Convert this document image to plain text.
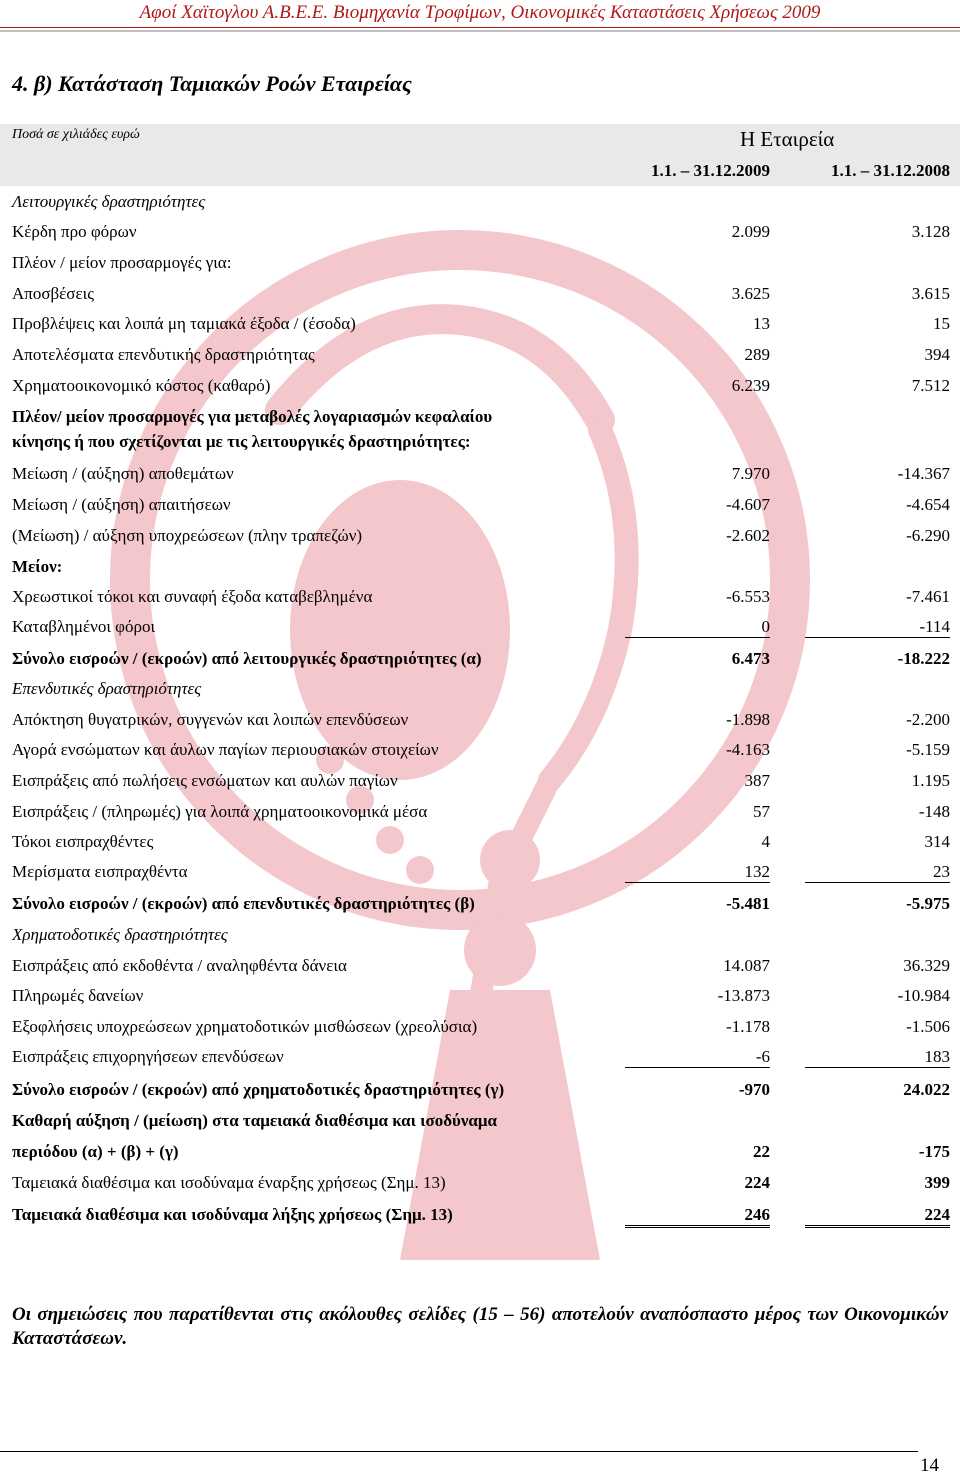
Αφοί Χαϊτογλου Α.Β.Ε.Ε. Βιομηχανία Τροφίμων, Οικονομικές Καταστάσεις Χρήσεως 2009
4. β) Κατάσταση Ταμιακών Ροών Εταιρείας
Ποσά σε χιλιάδες ευρώ	Η Εταιρεία
1.1. – 31.12.2009	1.1. – 31.12.2008
Λειτουργικές δραστηριότητες
Κέρδη προ φόρων	2.099	3.128
Πλέον / μείον προσαρμογές για:
Αποσβέσεις	3.625	3.615
Προβλέψεις και λοιπά μη ταμιακά έξοδα / (έσοδα)	13	15
Αποτελέσματα επενδυτικής δραστηριότητας	289	394
Χρηματοοικονομικό κόστος (καθαρό)	6.239	7.512
Πλέον/ μείον προσαρμογές για μεταβολές λογαριασμών κεφαλαίου
κίνησης ή που σχετίζονται με τις λειτουργικές δραστηριότητες:
Μείωση / (αύξηση) αποθεμάτων	7.970	-14.367
Μείωση / (αύξηση) απαιτήσεων	-4.607	-4.654
(Μείωση) / αύξηση υποχρεώσεων (πλην τραπεζών)	-2.602	-6.290
Μείον:
Χρεωστικοί τόκοι και συναφή έξοδα καταβεβλημένα	-6.553	-7.461
Καταβλημένοι φόροι	0	-114
Σύνολο εισροών / (εκροών) από λειτουργικές δραστηριότητες (α)	6.473	-18.222
Επενδυτικές δραστηριότητες
Απόκτηση θυγατρικών, συγγενών και λοιπών επενδύσεων	-1.898	-2.200
Αγορά ενσώματων και άυλων παγίων περιουσιακών στοιχείων	-4.163	-5.159
Εισπράξεις από πωλήσεις ενσώματων και αυλών παγίων	387	1.195
Εισπράξεις / (πληρωμές) για λοιπά χρηματοοικονομικά μέσα	57	-148
Τόκοι εισπραχθέντες	4	314
Μερίσματα εισπραχθέντα	132	23
Σύνολο εισροών / (εκροών) από επενδυτικές δραστηριότητες (β)	-5.481	-5.975
Χρηματοδοτικές δραστηριότητες
Εισπράξεις από εκδοθέντα / αναληφθέντα δάνεια	14.087	36.329
Πληρωμές δανείων	-13.873	-10.984
Εξοφλήσεις υποχρεώσεων χρηματοδοτικών μισθώσεων (χρεολύσια)	-1.178	-1.506
Εισπράξεις επιχορηγήσεων επενδύσεων	-6	183
Σύνολο εισροών / (εκροών) από χρηματοδοτικές δραστηριότητες (γ)	-970	24.022
Καθαρή αύξηση / (μείωση) στα ταμειακά διαθέσιμα και ισοδύναμα
περιόδου (α) + (β) + (γ)	22	-175
Ταμειακά διαθέσιμα και ισοδύναμα έναρξης χρήσεως (Σημ. 13)	224	399
Ταμειακά διαθέσιμα και ισοδύναμα λήξης χρήσεως (Σημ. 13)	246	224
Οι σημειώσεις που παρατίθενται στις ακόλουθες σελίδες (15 – 56) αποτελούν αναπόσπαστο μέρος των Οικονομικών Καταστάσεων.
14
